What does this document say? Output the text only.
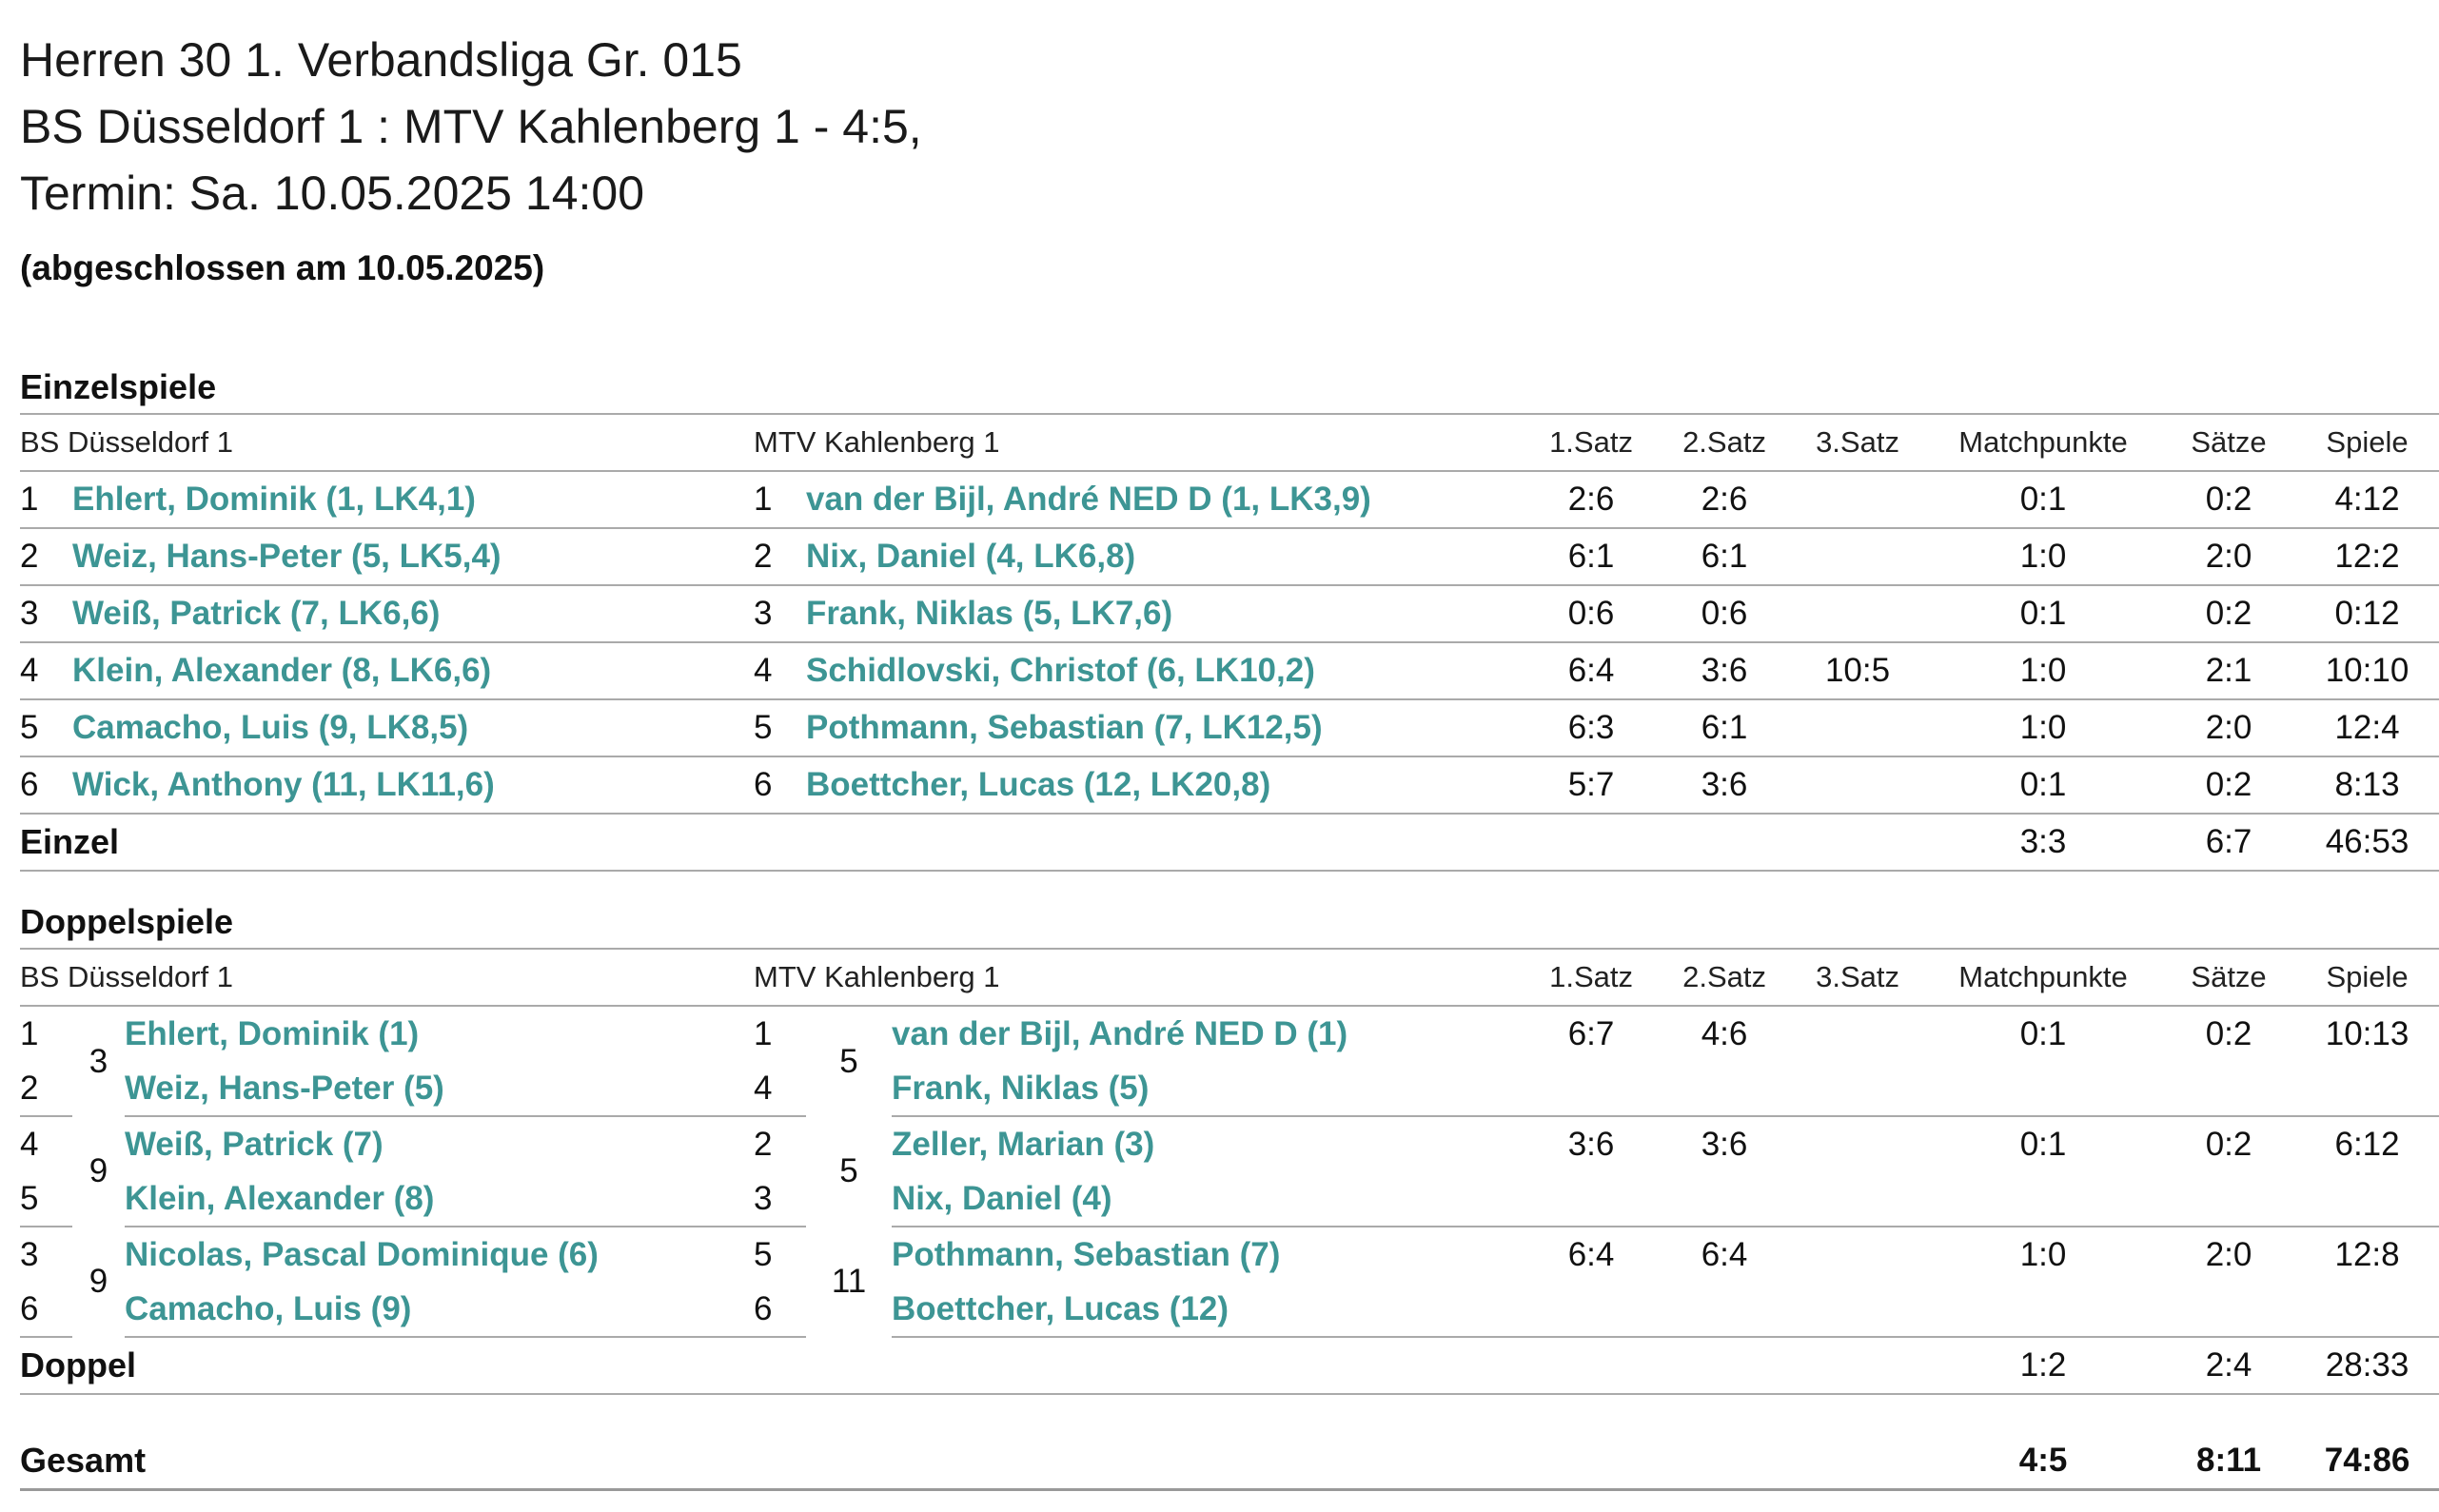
Herren 30 1. Verbandsliga Gr. 015
BS Düsseldorf 1 : MTV Kahlenberg 1 - 4:5,
Termin: Sa. 10.05.2025 14:00
(abgeschlossen am 10.05.2025)
Einzelspiele
BS Düsseldorf 1		MTV Kahlenberg 1		1.Satz	2.Satz	3.Satz	Matchpunkte	Sätze	Spiele
1	Ehlert, Dominik (1, LK4,1)	1	van der Bijl, André NED D (1, LK3,9)	2:6	2:6		0:1	0:2	4:12
2	Weiz, Hans-Peter (5, LK5,4)	2	Nix, Daniel (4, LK6,8)	6:1	6:1		1:0	2:0	12:2
3	Weiß, Patrick (7, LK6,6)	3	Frank, Niklas (5, LK7,6)	0:6	0:6		0:1	0:2	0:12
4	Klein, Alexander (8, LK6,6)	4	Schidlovski, Christof (6, LK10,2)	6:4	3:6	10:5	1:0	2:1	10:10
5	Camacho, Luis (9, LK8,5)	5	Pothmann, Sebastian (7, LK12,5)	6:3	6:1		1:0	2:0	12:4
6	Wick, Anthony (11, LK11,6)	6	Boettcher, Lucas (12, LK20,8)	5:7	3:6		0:1	0:2	8:13
Einzel							3:3	6:7	46:53
Doppelspiele
BS Düsseldorf 1			MTV Kahlenberg 1			1.Satz	2.Satz	3.Satz	Matchpunkte	Sätze	Spiele
1	3	Ehlert, Dominik (1)	1	5	van der Bijl, André NED D (1)	6:7	4:6		0:1	0:2	10:13
2		Weiz, Hans-Peter (5)	4		Frank, Niklas (5)						
4	9	Weiß, Patrick (7)	2	5	Zeller, Marian (3)	3:6	3:6		0:1	0:2	6:12
5		Klein, Alexander (8)	3		Nix, Daniel (4)						
3	9	Nicolas, Pascal Dominique (6)	5	11	Pothmann, Sebastian (7)	6:4	6:4		1:0	2:0	12:8
6		Camacho, Luis (9)	6		Boettcher, Lucas (12)						
Doppel									1:2	2:4	28:33

Gesamt									4:5	8:11	74:86
